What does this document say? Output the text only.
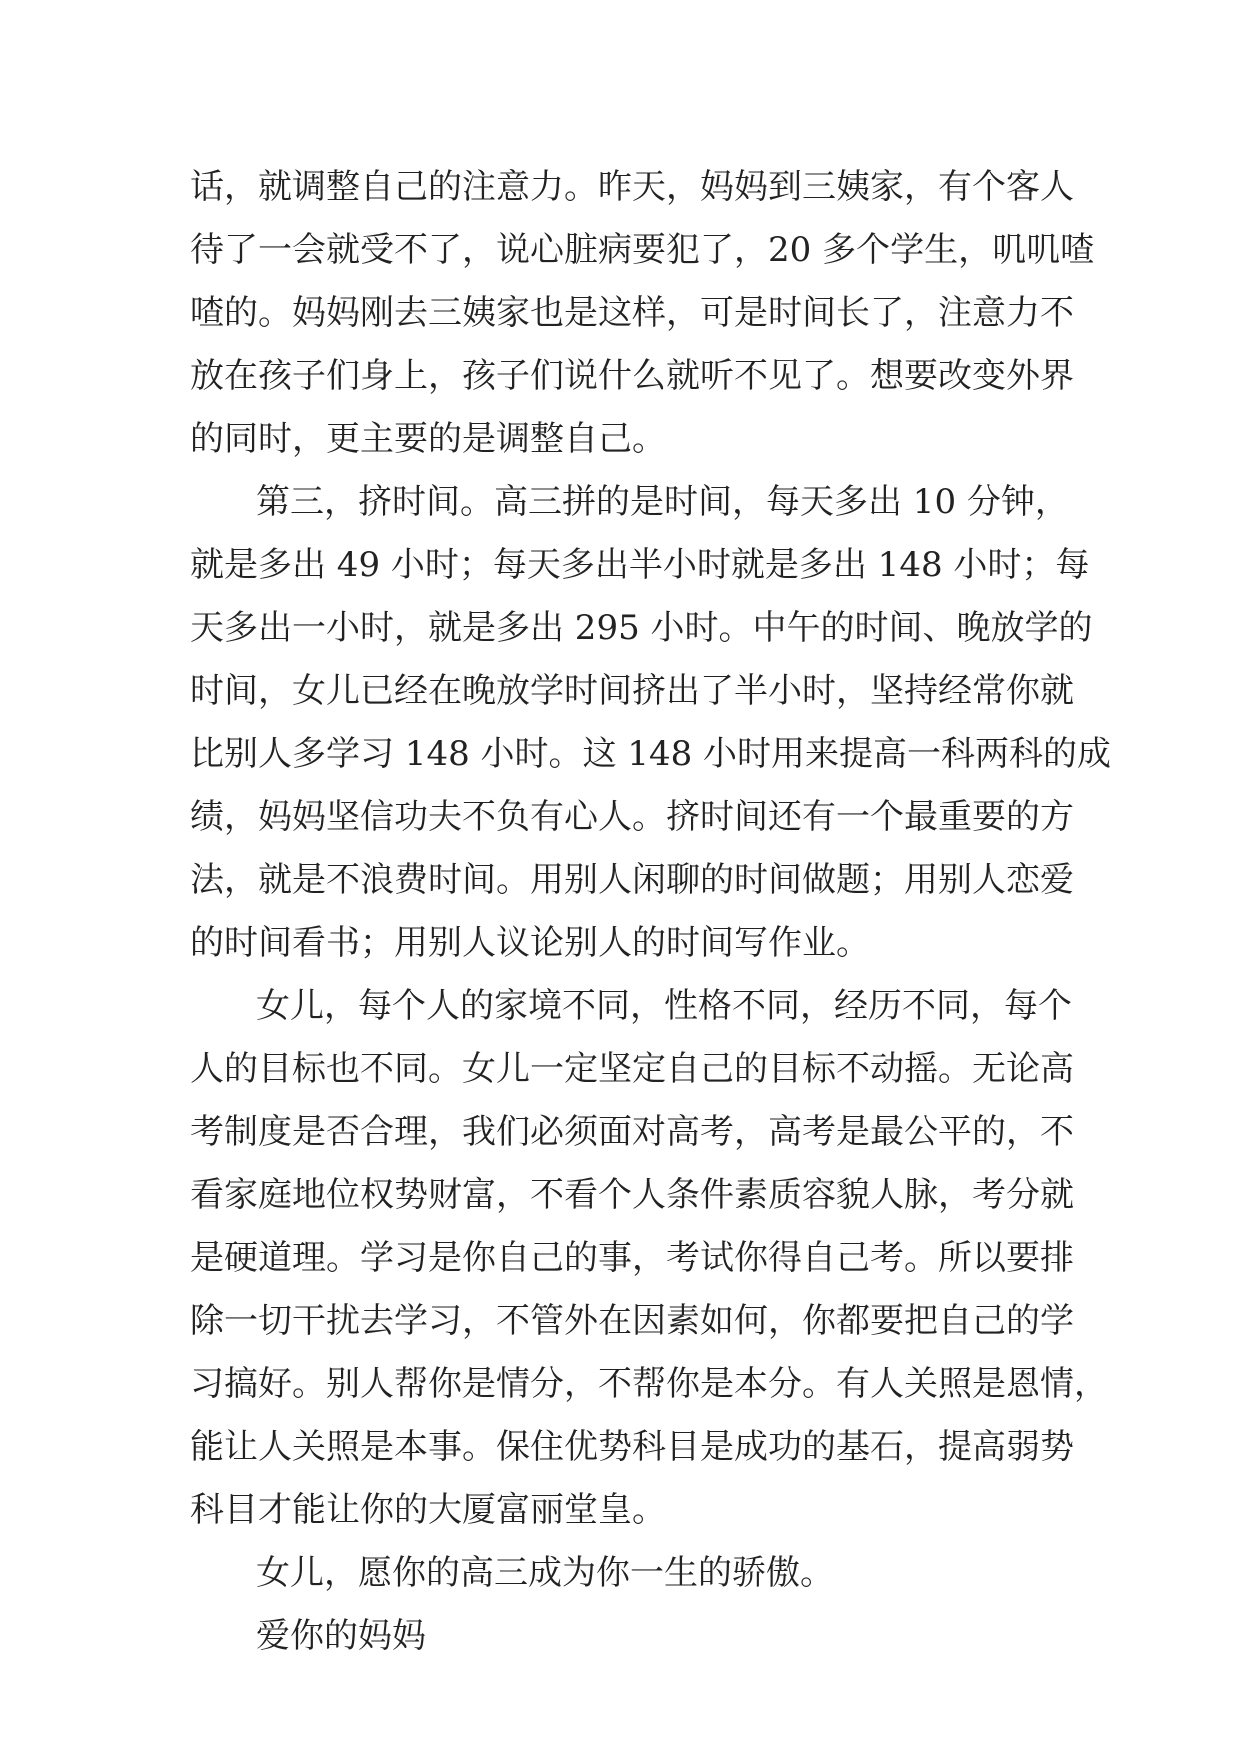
话，就调整自己的注意力。昨天，妈妈到三姨家，有个客人
待了一会就受不了，说心脏病要犯了，20 多个学生，叽叽喳
喳的。妈妈刚去三姨家也是这样，可是时间长了，注意力不
放在孩子们身上，孩子们说什么就听不见了。想要改变外界
的同时，更主要的是调整自己。
第三，挤时间。高三拼的是时间，每天多出 10 分钟，
就是多出 49 小时；每天多出半小时就是多出 148 小时；每
天多出一小时，就是多出 295 小时。中午的时间、晚放学的
时间，女儿已经在晚放学时间挤出了半小时，坚持经常你就
比别人多学习 148 小时。这 148 小时用来提高一科两科的成
绩，妈妈坚信功夫不负有心人。挤时间还有一个最重要的方
法，就是不浪费时间。用别人闲聊的时间做题；用别人恋爱
的时间看书；用别人议论别人的时间写作业。
女儿，每个人的家境不同，性格不同，经历不同，每个
人的目标也不同。女儿一定坚定自己的目标不动摇。无论高
考制度是否合理，我们必须面对高考，高考是最公平的，不
看家庭地位权势财富，不看个人条件素质容貌人脉，考分就
是硬道理。学习是你自己的事，考试你得自己考。所以要排
除一切干扰去学习，不管外在因素如何，你都要把自己的学
习搞好。别人帮你是情分，不帮你是本分。有人关照是恩情，
能让人关照是本事。保住优势科目是成功的基石，提高弱势
科目才能让你的大厦富丽堂皇。
女儿，愿你的高三成为你一生的骄傲。
爱你的妈妈
